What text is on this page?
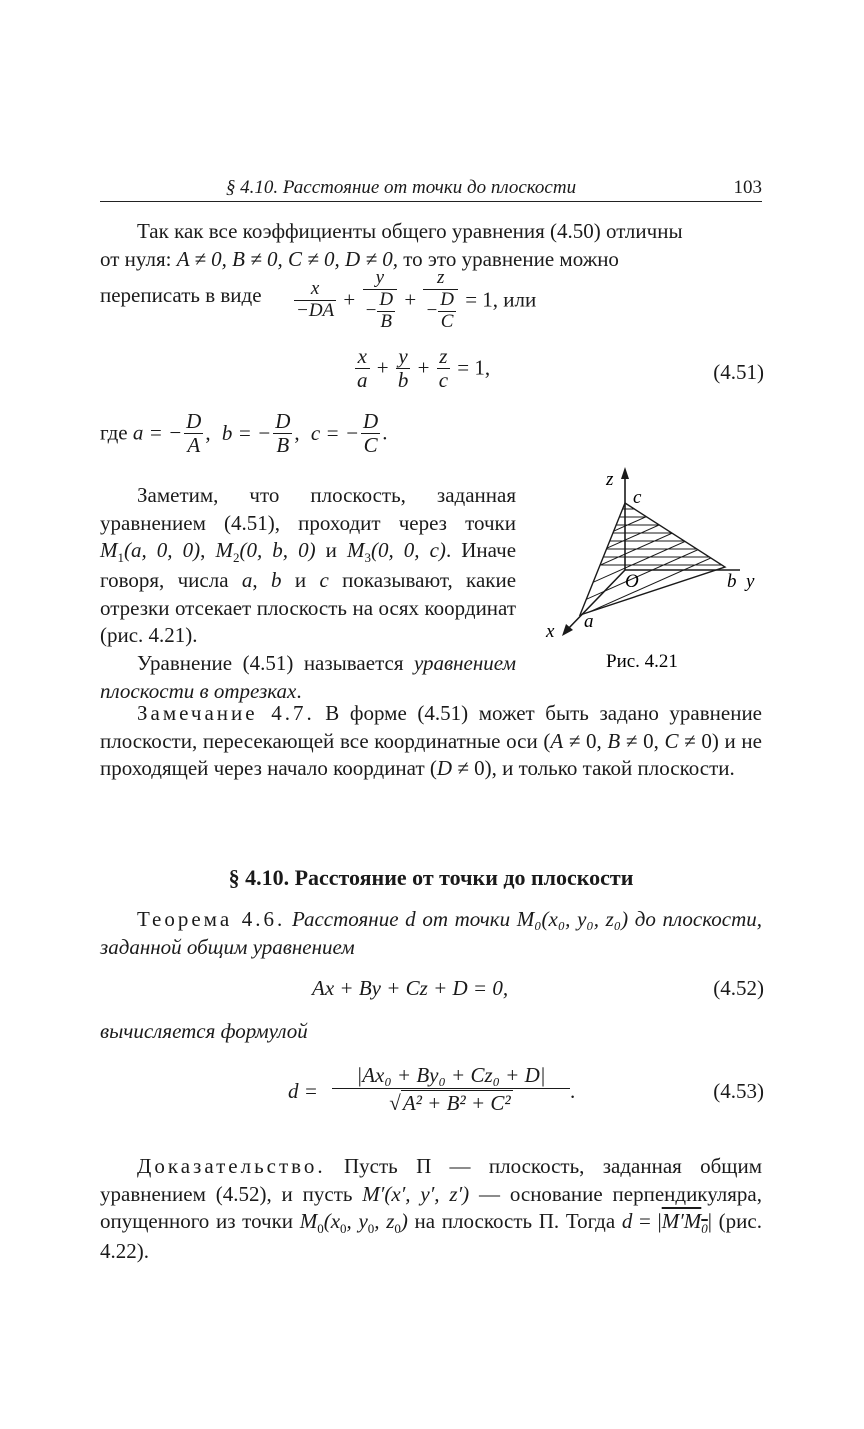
§ 4.10. Расстояние от точки до плоскости	103
Так как все коэффициенты общего уравнения (4.50) отличны
от нуля: A ≠ 0, B ≠ 0, C ≠ 0, D ≠ 0, то это уравнение можно
переписать в виде $\frac{x}{-DA} + \frac{y}{- \frac{D}{B}} + \frac{z}{- \frac{D}{C}} = 1$, или
$\frac{x}{a} + \frac{y}{b} + \frac{z}{c} = 1$,	(4.51)
где a = − $\frac{D}{A}$ , b = − $\frac{D}{B}$ , c = − $\frac{D}{C}$ .
Заметим, что плоскость, заданная уравнением (4.51), проходит через точки $M_1(a$, 0, 0), $M_2(0$, b, 0) и $M_3(0$, 0, c). Иначе говоря, числа a, b и c показывают, какие отрезки отсекает плоскость на осях координат (рис. 4.21).
Уравнение (4.51) называется уравнением плоскости в отрезках.
z
c
O	b y
a
x
Рис. 4.21
Замечание 4.7. В форме (4.51) может быть задано уравнение плоскости, пересекающей все координатные оси (A ≠ 0, B ≠ 0, C ≠ 0) и не проходящей через начало координат (D ≠ 0), и только такой плоскости.
§ 4.10. Расстояние от точки до плоскости
Теорема 4.6. Расстояние d от точки M₀(x₀, y₀, z₀) до плоскости, заданной общим уравнением
Ax + By + Cz + D = 0,	(4.52)
вычисляется формулой
d =
|Ax₀ + By₀ + Cz₀ + D|
√A² + B² + C²
.	(4.53)
Доказательство. Пусть Π — плоскость, заданная общим уравнением (4.52), и пусть M′(x′, y′, z′) — основание перпендикуляра, опущенного из точки $M_0(x_0$, $y_0$, $z_0$) на плоскость Π. Тогда $d = |M'M_0|$ (рис. 4.22).
